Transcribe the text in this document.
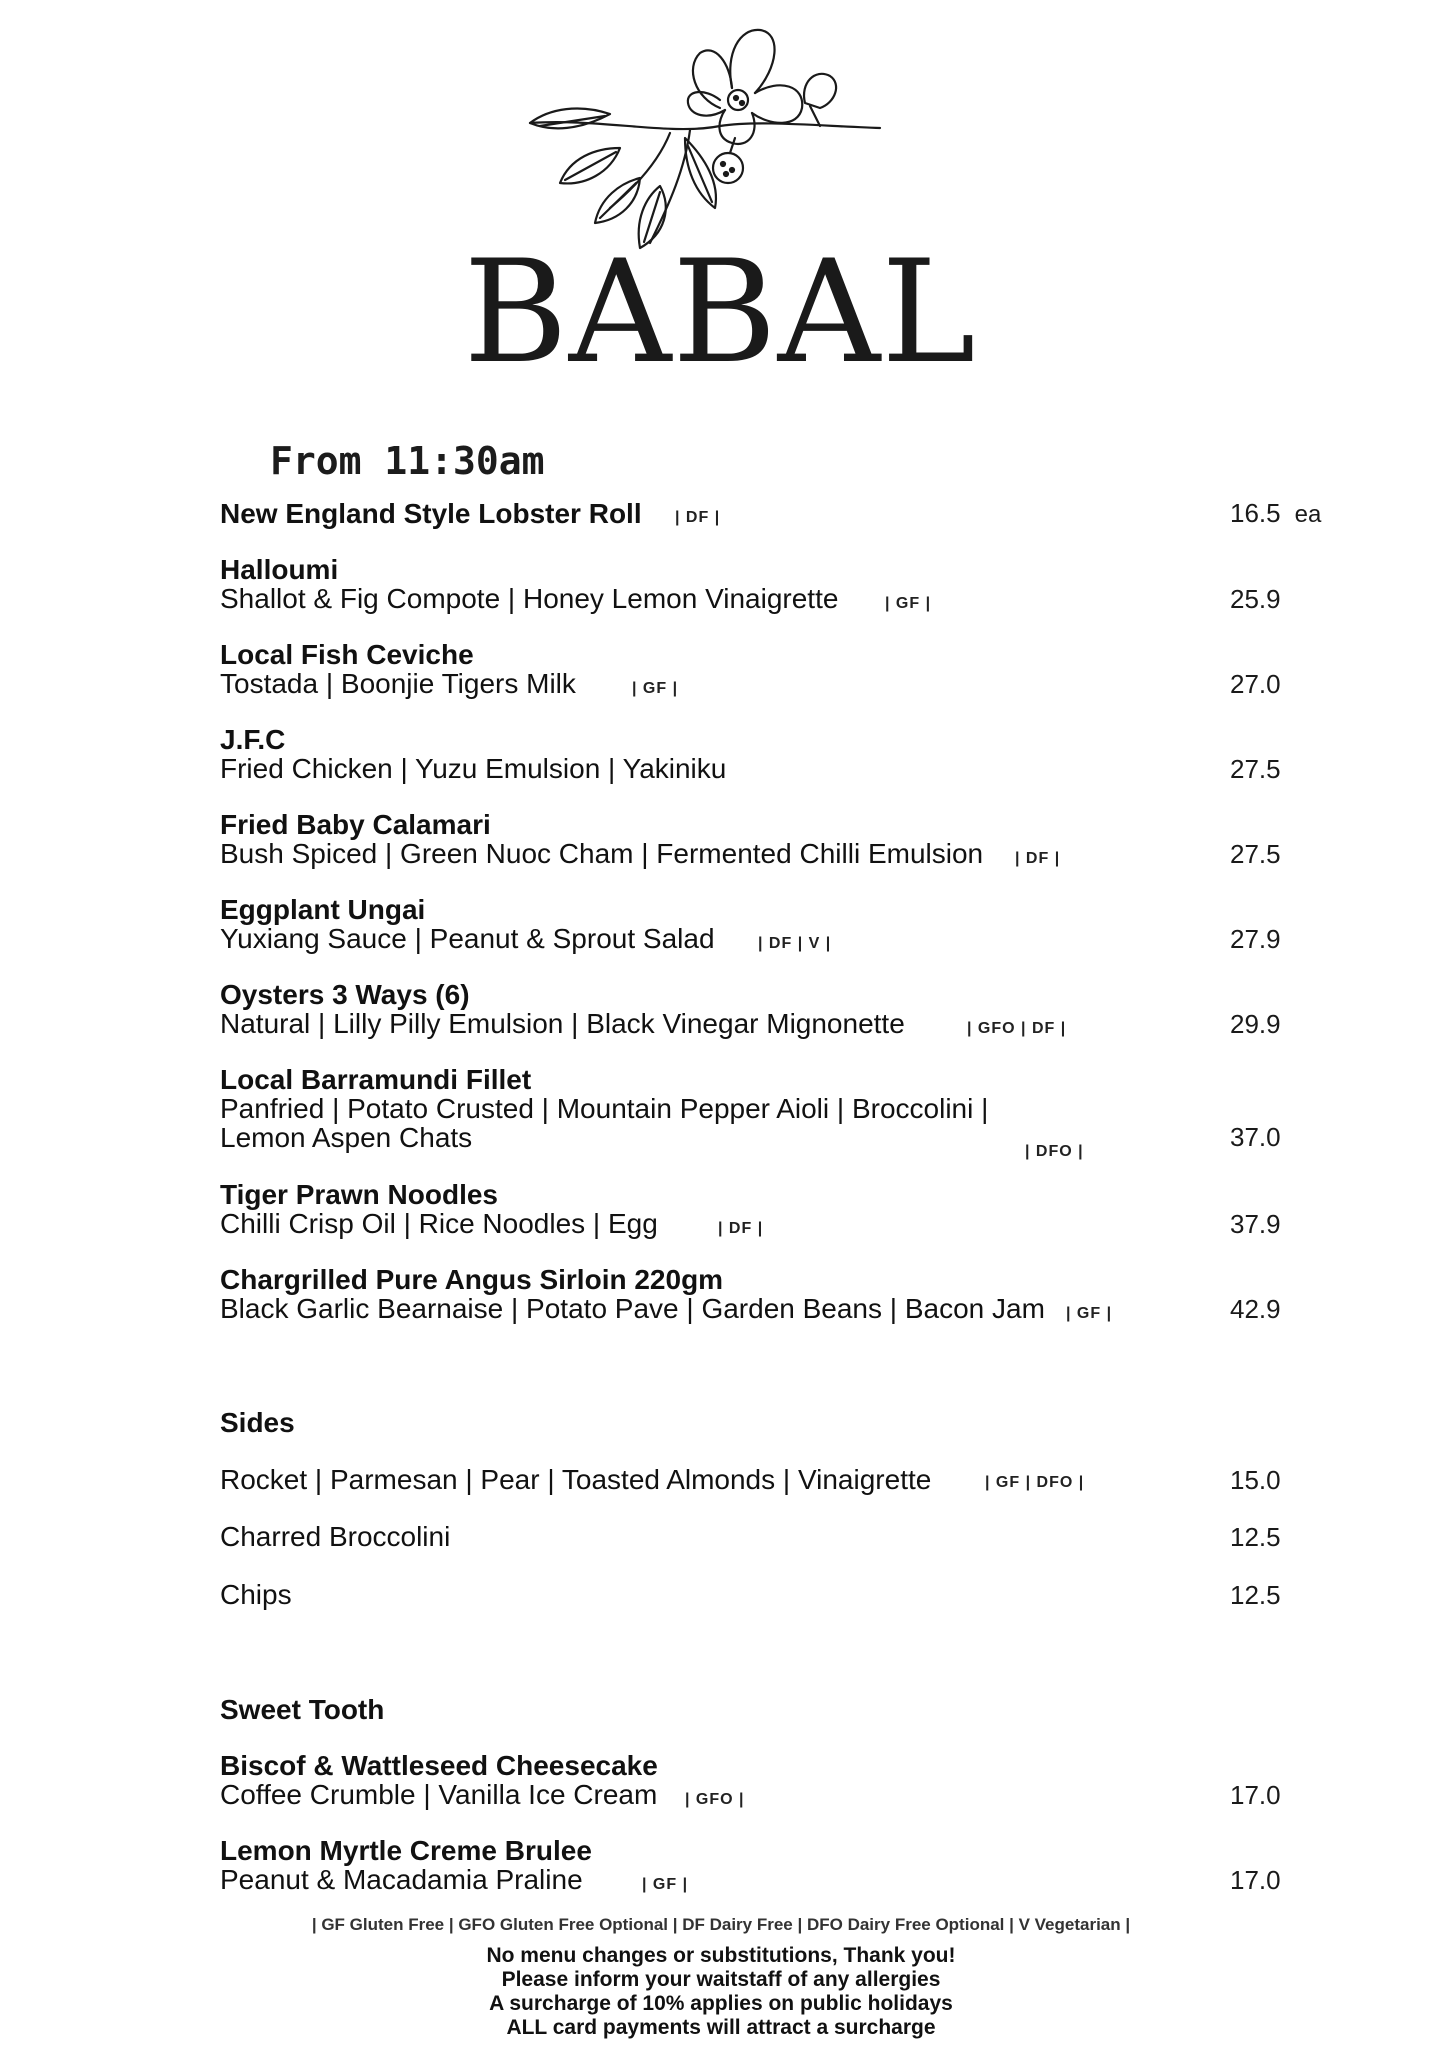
BABAL
From 11:30am
New England Style Lobster Roll	| DF |	16.5 ea
Halloumi
Shallot & Fig Compote | Honey Lemon Vinaigrette	| GF |	25.9
Local Fish Ceviche
Tostada | Boonjie Tigers Milk	| GF |	27.0
J.F.C
Fried Chicken | Yuzu Emulsion | Yakiniku	27.5
Fried Baby Calamari
Bush Spiced | Green Nuoc Cham | Fermented Chilli Emulsion	| DF |	27.5
Eggplant Ungai
Yuxiang Sauce | Peanut & Sprout Salad	| DF | V |	27.9
Oysters 3 Ways (6)
Natural | Lilly Pilly Emulsion | Black Vinegar Mignonette	| GFO | DF |	29.9
Local Barramundi Fillet
Panfried | Potato Crusted | Mountain Pepper Aioli | Broccolini |
Lemon Aspen Chats	| DFO |	37.0
Tiger Prawn Noodles
Chilli Crisp Oil | Rice Noodles | Egg	| DF |	37.9
Chargrilled Pure Angus Sirloin 220gm
Black Garlic Bearnaise | Potato Pave | Garden Beans | Bacon Jam	| GF |	42.9
Sides
Rocket | Parmesan | Pear | Toasted Almonds | Vinaigrette	| GF | DFO |	15.0
Charred Broccolini	12.5
Chips	12.5
Sweet Tooth
Biscof & Wattleseed Cheesecake
Coffee Crumble | Vanilla Ice Cream	| GFO |	17.0
Lemon Myrtle Creme Brulee
Peanut & Macadamia Praline	| GF |	17.0
| GF Gluten Free | GFO Gluten Free Optional | DF Dairy Free | DFO Dairy Free Optional | V Vegetarian |
No menu changes or substitutions, Thank you!
Please inform your waitstaff of any allergies
A surcharge of 10% applies on public holidays
ALL card payments will attract a surcharge
